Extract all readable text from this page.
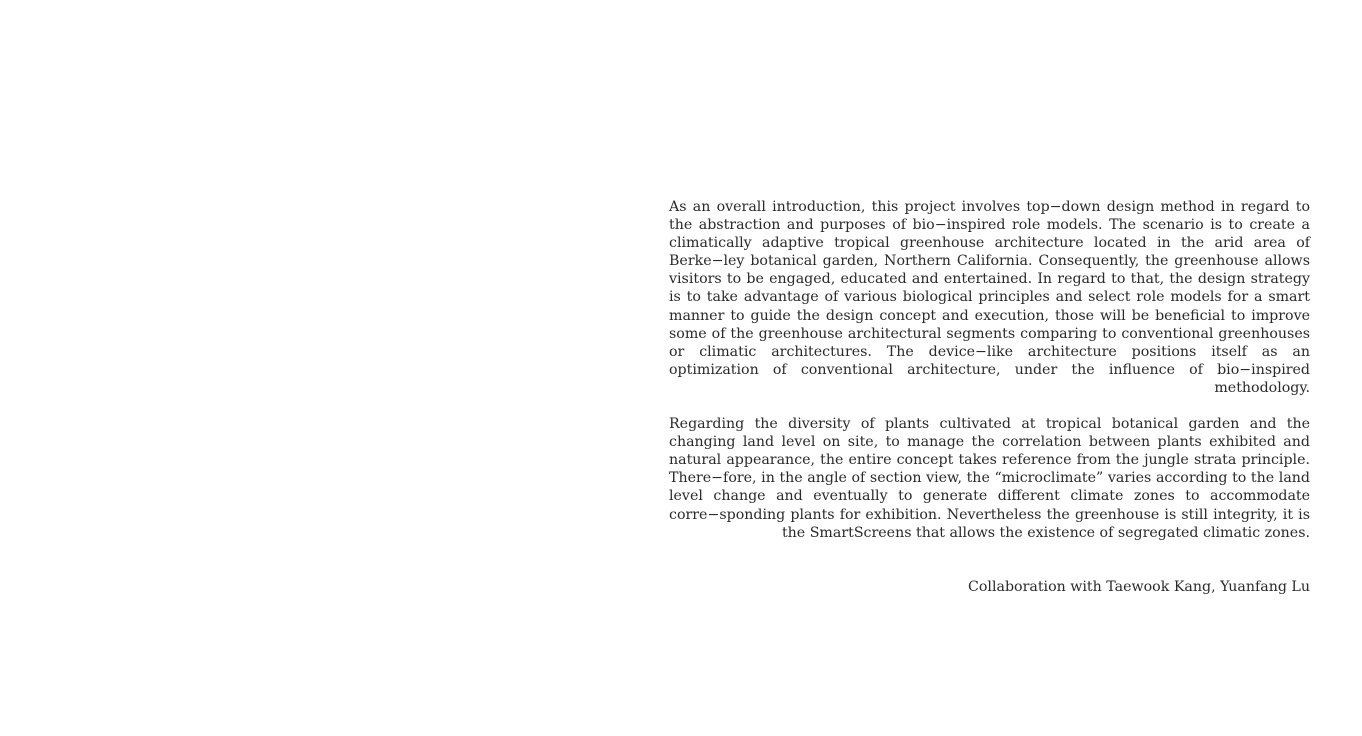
As an overall introduction, this project involves top−down design method in regard to the abstraction and purposes of bio−inspired role models. The scenario is to create a climatically adaptive tropical greenhouse architecture located in the arid area of Berke−ley botanical garden, Northern California. Consequently, the greenhouse allows visitors to be engaged, educated and entertained. In regard to that, the design strategy is to take advantage of various biological principles and select role models for a smart manner to guide the design concept and execution, those will be beneficial to improve some of the greenhouse architectural segments comparing to conventional greenhouses or climatic architectures. The device−like architecture positions itself as an optimization of conventional architecture, under the influence of bio−inspired methodology.

Regarding the diversity of plants cultivated at tropical botanical garden and the changing land level on site, to manage the correlation between plants exhibited and natural appearance, the entire concept takes reference from the jungle strata principle. There−fore, in the angle of section view, the “microclimate” varies according to the land level change and eventually to generate different climate zones to accommodate corre−sponding plants for exhibition. Nevertheless the greenhouse is still integrity, it is the SmartScreens that allows the existence of segregated climatic zones.

Collaboration with Taewook Kang, Yuanfang Lu
